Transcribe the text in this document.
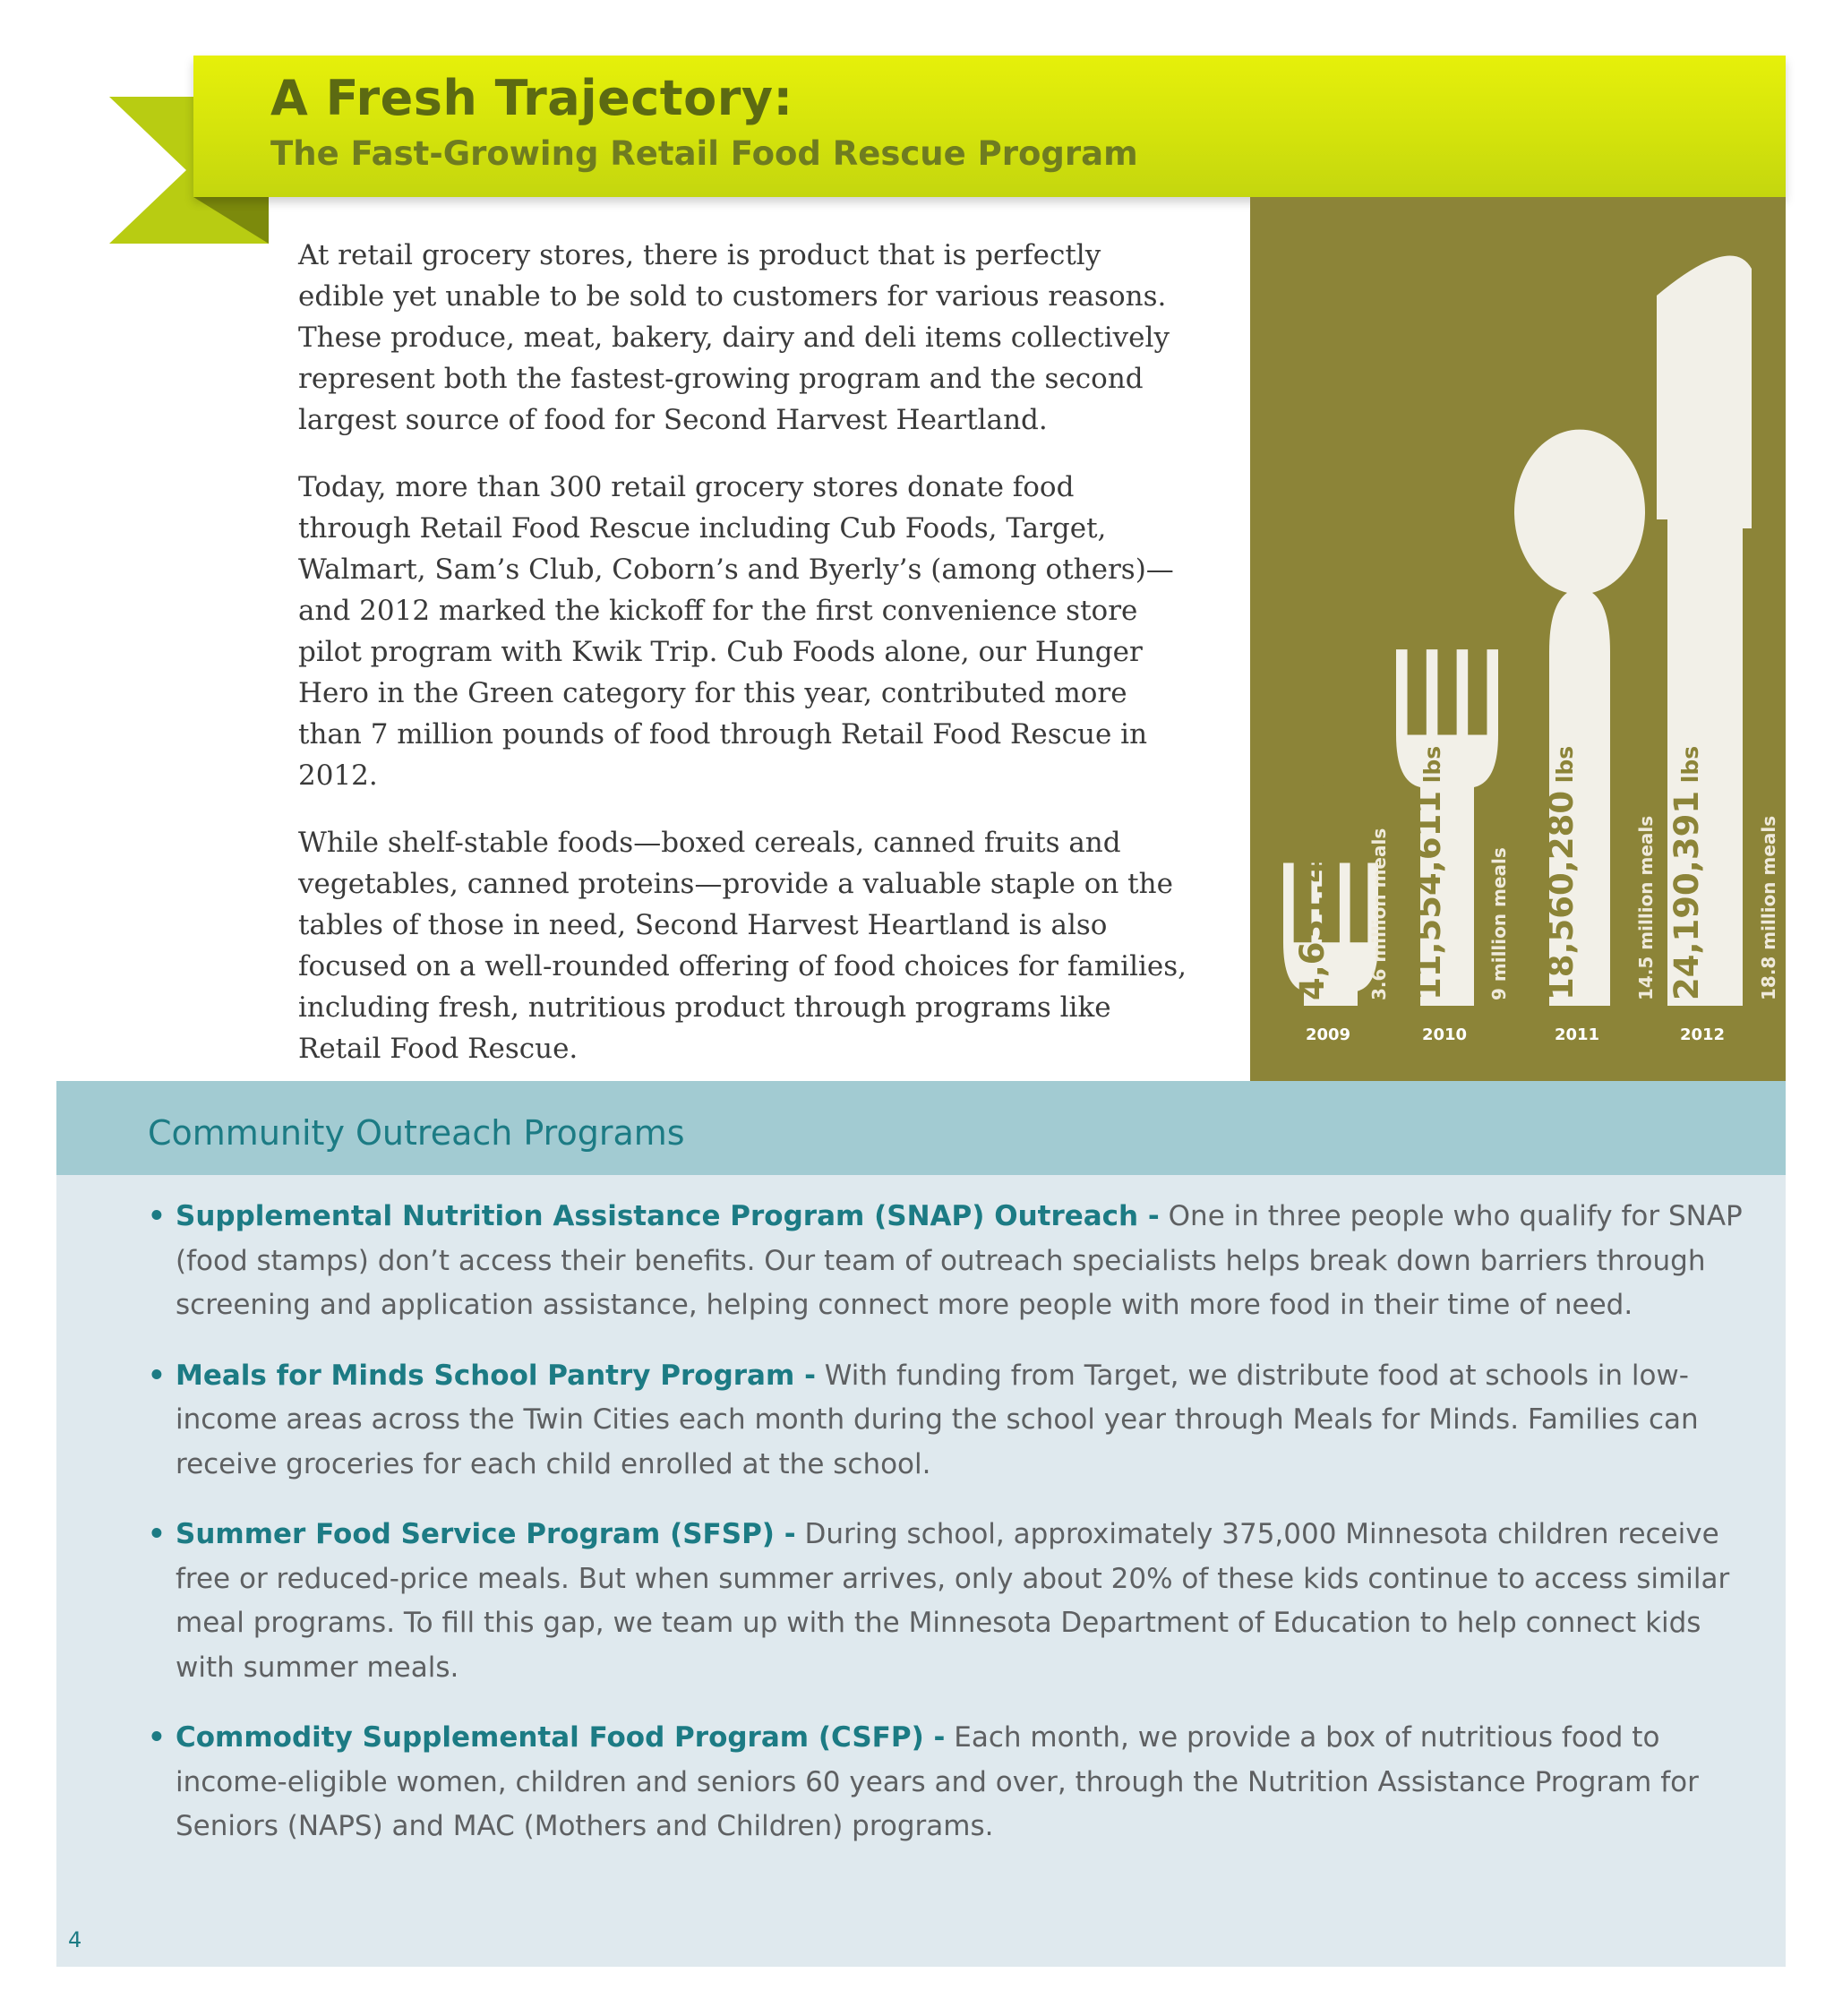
A Fresh Trajectory:
The Fast-Growing Retail Food Rescue Program

At retail grocery stores, there is product that is perfectly edible yet unable to be sold to customers for various reasons. These produce, meat, bakery, dairy and deli items collectively represent both the fastest-growing program and the second largest source of food for Second Harvest Heartland.

Today, more than 300 retail grocery stores donate food through Retail Food Rescue including Cub Foods, Target, Walmart, Sam’s Club, Coborn’s and Byerly’s (among others)—and 2012 marked the kickoff for the first convenience store pilot program with Kwik Trip. Cub Foods alone, our Hunger Hero in the Green category for this year, contributed more than 7 million pounds of food through Retail Food Rescue in 2012.

While shelf-stable foods—boxed cereals, canned fruits and vegetables, canned proteins—provide a valuable staple on the tables of those in need, Second Harvest Heartland is also focused on a well-rounded offering of food choices for families, including fresh, nutritious product through programs like Retail Food Rescue.

4,631,436 lbs
3.6 million meals
2009
11,554,611 lbs
9 million meals
2010
18,560,280 lbs
14.5 million meals
2011
24,190,391 lbs
18.8 million meals
2012
Community Outreach Programs
• Supplemental Nutrition Assistance Program (SNAP) Outreach - One in three people who qualify for SNAP (food stamps) don’t access their benefits. Our team of outreach specialists helps break down barriers through screening and application assistance, helping connect more people with more food in their time of need.
• Meals for Minds School Pantry Program - With funding from Target, we distribute food at schools in low-income areas across the Twin Cities each month during the school year through Meals for Minds. Families can receive groceries for each child enrolled at the school.
• Summer Food Service Program (SFSP) - During school, approximately 375,000 Minnesota children receive free or reduced-price meals. But when summer arrives, only about 20% of these kids continue to access similar meal programs. To fill this gap, we team up with the Minnesota Department of Education to help connect kids with summer meals.
• Commodity Supplemental Food Program (CSFP) - Each month, we provide a box of nutritious food to income-eligible women, children and seniors 60 years and over, through the Nutrition Assistance Program for Seniors (NAPS) and MAC (Mothers and Children) programs.

4
